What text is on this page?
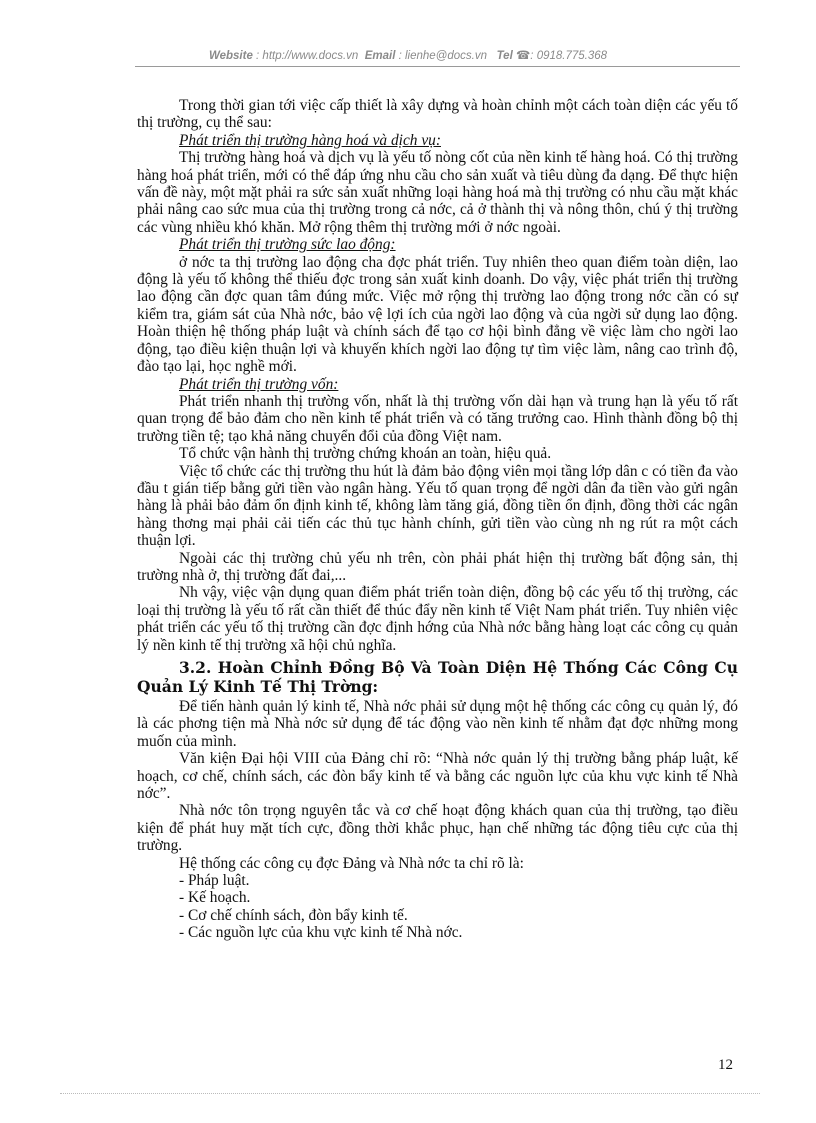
Website : http://www.docs.vn Email : lienhe@docs.vn Tel ☎: 0918.775.368

Trong thời gian tới việc cấp thiết là xây dựng và hoàn chỉnh một cách toàn diện các yếu tố thị trường, cụ thể sau:

Phát triển thị trường hàng hoá và dịch vụ:

Thị trường hàng hoá và dịch vụ là yếu tố nòng cốt của nền kinh tế hàng hoá. Có thị trường hàng hoá phát triển, mới có thể đáp ứng nhu cầu cho sản xuất và tiêu dùng đa dạng. Để thực hiện vấn đề này, một mặt phải ra sức sản xuất những loại hàng hoá mà thị trường có nhu cầu mặt khác phải nâng cao sức mua của thị trường trong cả nớc, cả ở thành thị và nông thôn, chú ý thị trường các vùng nhiều khó khăn. Mở rộng thêm thị trường mới ở nớc ngoài.

Phát triển thị trường sức lao động:

ở nớc ta thị trường lao động cha đợc phát triển. Tuy nhiên theo quan điểm toàn diện, lao động là yếu tố không thể thiếu đợc trong sản xuất kinh doanh. Do vậy, việc phát triển thị trường lao động cần đợc quan tâm đúng mức. Việc mở rộng thị trường lao động trong nớc cần có sự kiểm tra, giám sát của Nhà nớc, bảo vệ lợi ích của ngời lao động và của ngời sử dụng lao động. Hoàn thiện hệ thống pháp luật và chính sách để tạo cơ hội bình đẳng về việc làm cho ngời lao động, tạo điều kiện thuận lợi và khuyến khích ngời lao động tự tìm việc làm, nâng cao trình độ, đào tạo lại, học nghề mới.

Phát triển thị trường vốn:

Phát triển nhanh thị trường vốn, nhất là thị trường vốn dài hạn và trung hạn là yếu tố rất quan trọng để bảo đảm cho nền kinh tế phát triển và có tăng trưởng cao. Hình thành đồng bộ thị trường tiền tệ; tạo khả năng chuyển đổi của đồng Việt nam.

Tổ chức vận hành thị trường chứng khoán an toàn, hiệu quả.

Việc tổ chức các thị trường thu hút là đảm bảo động viên mọi tầng lớp dân c có tiền đa vào đầu t gián tiếp bằng gửi tiền vào ngân hàng. Yếu tố quan trọng để ngời dân đa tiền vào gửi ngân hàng là phải bảo đảm ổn định kinh tế, không làm tăng giá, đồng tiền ổn định, đồng thời các ngân hàng thơng mại phải cải tiến các thủ tục hành chính, gửi tiền vào cùng nh ng rút ra một cách thuận lợi.

Ngoài các thị trường chủ yếu nh trên, còn phải phát hiện thị trường bất động sản, thị trường nhà ở, thị trường đất đai,...

Nh vậy, việc vận dụng quan điểm phát triển toàn diện, đồng bộ các yếu tố thị trường, các loại thị trường là yếu tố rất cần thiết để thúc đẩy nền kinh tế Việt Nam phát triển. Tuy nhiên việc phát triển các yếu tố thị trường cần đợc định hớng của Nhà nớc bằng hàng loạt các công cụ quản lý nền kinh tế thị trường xã hội chủ nghĩa.

3.2. Hoàn Chỉnh Đồng Bộ Và Toàn Diện Hệ Thống Các Công Cụ Quản Lý Kinh Tế Thị Trờng:

Để tiến hành quản lý kinh tế, Nhà nớc phải sử dụng một hệ thống các công cụ quản lý, đó là các phơng tiện mà Nhà nớc sử dụng để tác động vào nền kinh tế nhằm đạt đợc những mong muốn của mình.

Văn kiện Đại hội VIII của Đảng chỉ rõ: “Nhà nớc quản lý thị trường bằng pháp luật, kế hoạch, cơ chế, chính sách, các đòn bẩy kinh tế và bằng các nguồn lực của khu vực kinh tế Nhà nớc”.

Nhà nớc tôn trọng nguyên tắc và cơ chế hoạt động khách quan của thị trường, tạo điều kiện để phát huy mặt tích cực, đồng thời khắc phục, hạn chế những tác động tiêu cực của thị trường.

Hệ thống các công cụ đợc Đảng và Nhà nớc ta chỉ rõ là:

- Pháp luật.

- Kế hoạch.

- Cơ chế chính sách, đòn bẩy kinh tế.

- Các nguồn lực của khu vực kinh tế Nhà nớc.

12
